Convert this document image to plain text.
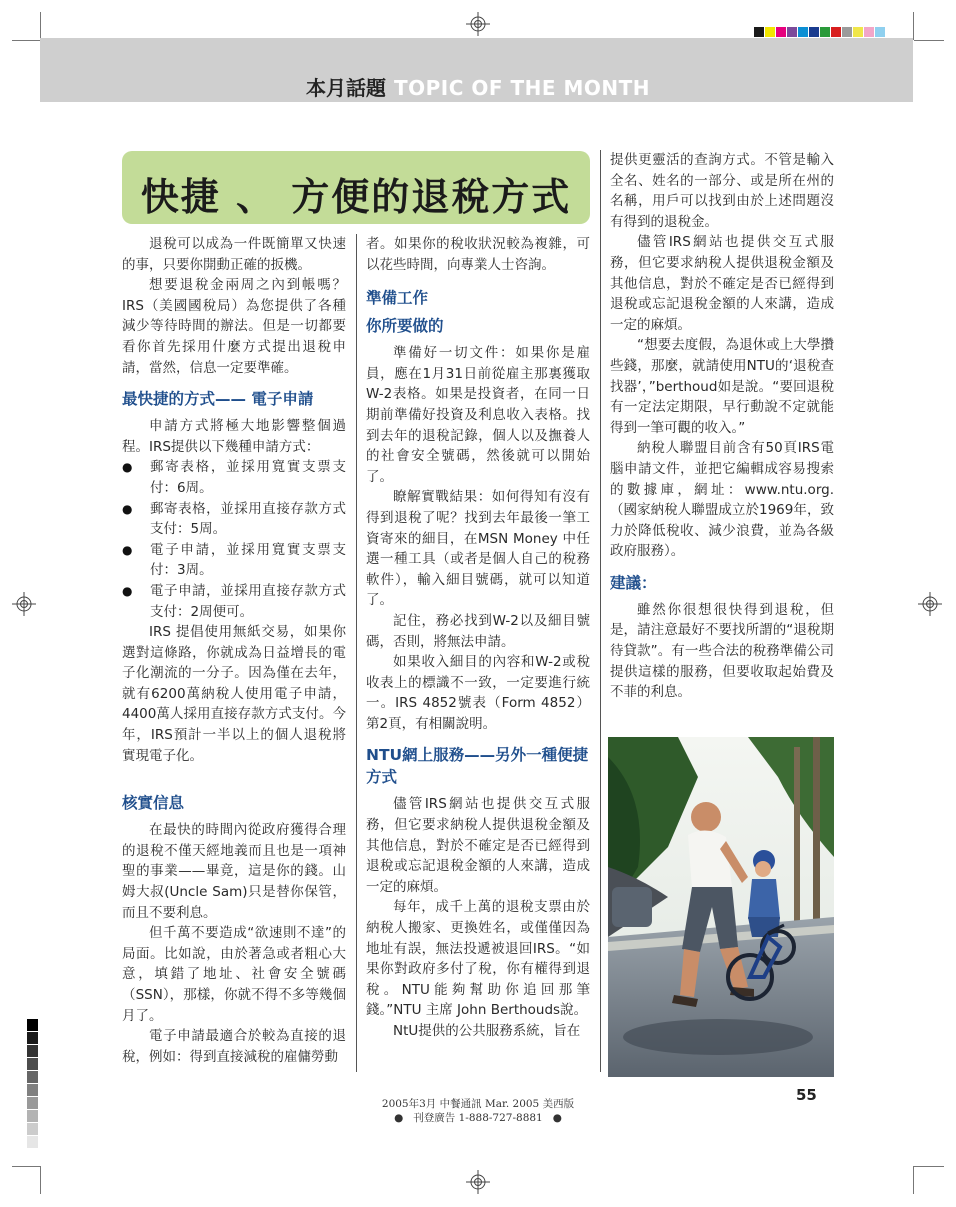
本月話題 TOPIC OF THE MONTH
快捷 、 方便的退稅方式

退稅可以成為一件既簡單又快速的事，只要你開動正確的扳機。

想要退稅金兩周之內到帳嗎？IRS（美國國稅局）為您提供了各種減少等待時間的辦法。但是一切都要看你首先採用什麼方式提出退稅申請，當然，信息一定要準確。

最快捷的方式—— 電子申請

申請方式將極大地影響整個過程。IRS提供以下幾種申請方式：

● 郵寄表格，並採用寬實支票支付：6周。
● 郵寄表格，並採用直接存款方式支付：5周。
● 電子申請，並採用寬實支票支付：3周。
● 電子申請，並採用直接存款方式支付：2周便可。

IRS 提倡使用無紙交易，如果你選對這條路，你就成為日益增長的電子化潮流的一分子。因為僅在去年，就有6200萬納稅人使用電子申請，4400萬人採用直接存款方式支付。今年，IRS預計一半以上的個人退稅將實現電子化。

核實信息

在最快的時間內從政府獲得合理的退稅不僅天經地義而且也是一項神聖的事業——畢竟，這是你的錢。山姆大叔(Uncle Sam)只是替你保管，而且不要利息。

但千萬不要造成“欲速則不達”的局面。比如說，由於著急或者粗心大意，填錯了地址、社會安全號碼（SSN），那樣，你就不得不多等幾個月了。

電子申請最適合於較為直接的退稅，例如：得到直接減稅的雇傭勞動

者。如果你的稅收狀況較為複雜，可以花些時間，向專業人士咨詢。

準備工作
你所要做的

準備好一切文件：如果你是雇員，應在1月31日前從雇主那裏獲取W-2表格。如果是投資者，在同一日期前準備好投資及利息收入表格。找到去年的退稅記錄，個人以及撫養人的社會安全號碼，然後就可以開始了。

瞭解實戰結果：如何得知有沒有得到退稅了呢？找到去年最後一筆工資寄來的細目，在MSN Money 中任選一種工具（或者是個人自己的稅務軟件），輸入細目號碼，就可以知道了。

記住，務必找到W-2以及細目號碼，否則，將無法申請。

如果收入細目的內容和W-2或稅收表上的標識不一致，一定要進行統一。IRS 4852號表（Form 4852）第2頁，有相關說明。

NTU網上服務——另外一種便捷方式

儘管IRS網站也提供交互式服務，但它要求納稅人提供退稅金額及其他信息，對於不確定是否已經得到退稅或忘記退稅金額的人來講，造成一定的麻煩。

每年，成千上萬的退稅支票由於納稅人搬家、更換姓名，或僅僅因為地址有誤，無法投遞被退回IRS。“如果你對政府多付了稅，你有權得到退稅。NTU能夠幫助你追回那筆錢。”NTU 主席 John Berthouds說。

NtU提供的公共服務系統，旨在

提供更靈活的查詢方式。不管是輸入全名、姓名的一部分、或是所在州的名稱，用戶可以找到由於上述問題沒有得到的退稅金。

儘管IRS網站也提供交互式服務，但它要求納稅人提供退稅金額及其他信息，對於不確定是否已經得到退稅或忘記退稅金額的人來講，造成一定的麻煩。

“想要去度假，為退休或上大學攢些錢，那麼，就請使用NTU的‘退稅查找器’，”berthoud如是說。“要回退稅有一定法定期限，早行動說不定就能得到一筆可觀的收入。”

納稅人聯盟目前含有50頁IRS電腦申請文件，並把它編輯成容易搜索的數據庫，網址：www.ntu.org.（國家納稅人聯盟成立於1969年，致力於降低稅收、減少浪費，並為各級政府服務）。

建議：

雖然你很想很快得到退稅，但是，請注意最好不要找所謂的“退稅期待貸款”。有一些合法的稅務準備公司提供這樣的服務，但要收取起始費及不菲的利息。

2005年3月 中餐通訊 Mar. 2005 美西版
● 刊登廣告 1-888-727-8881 ●
55
